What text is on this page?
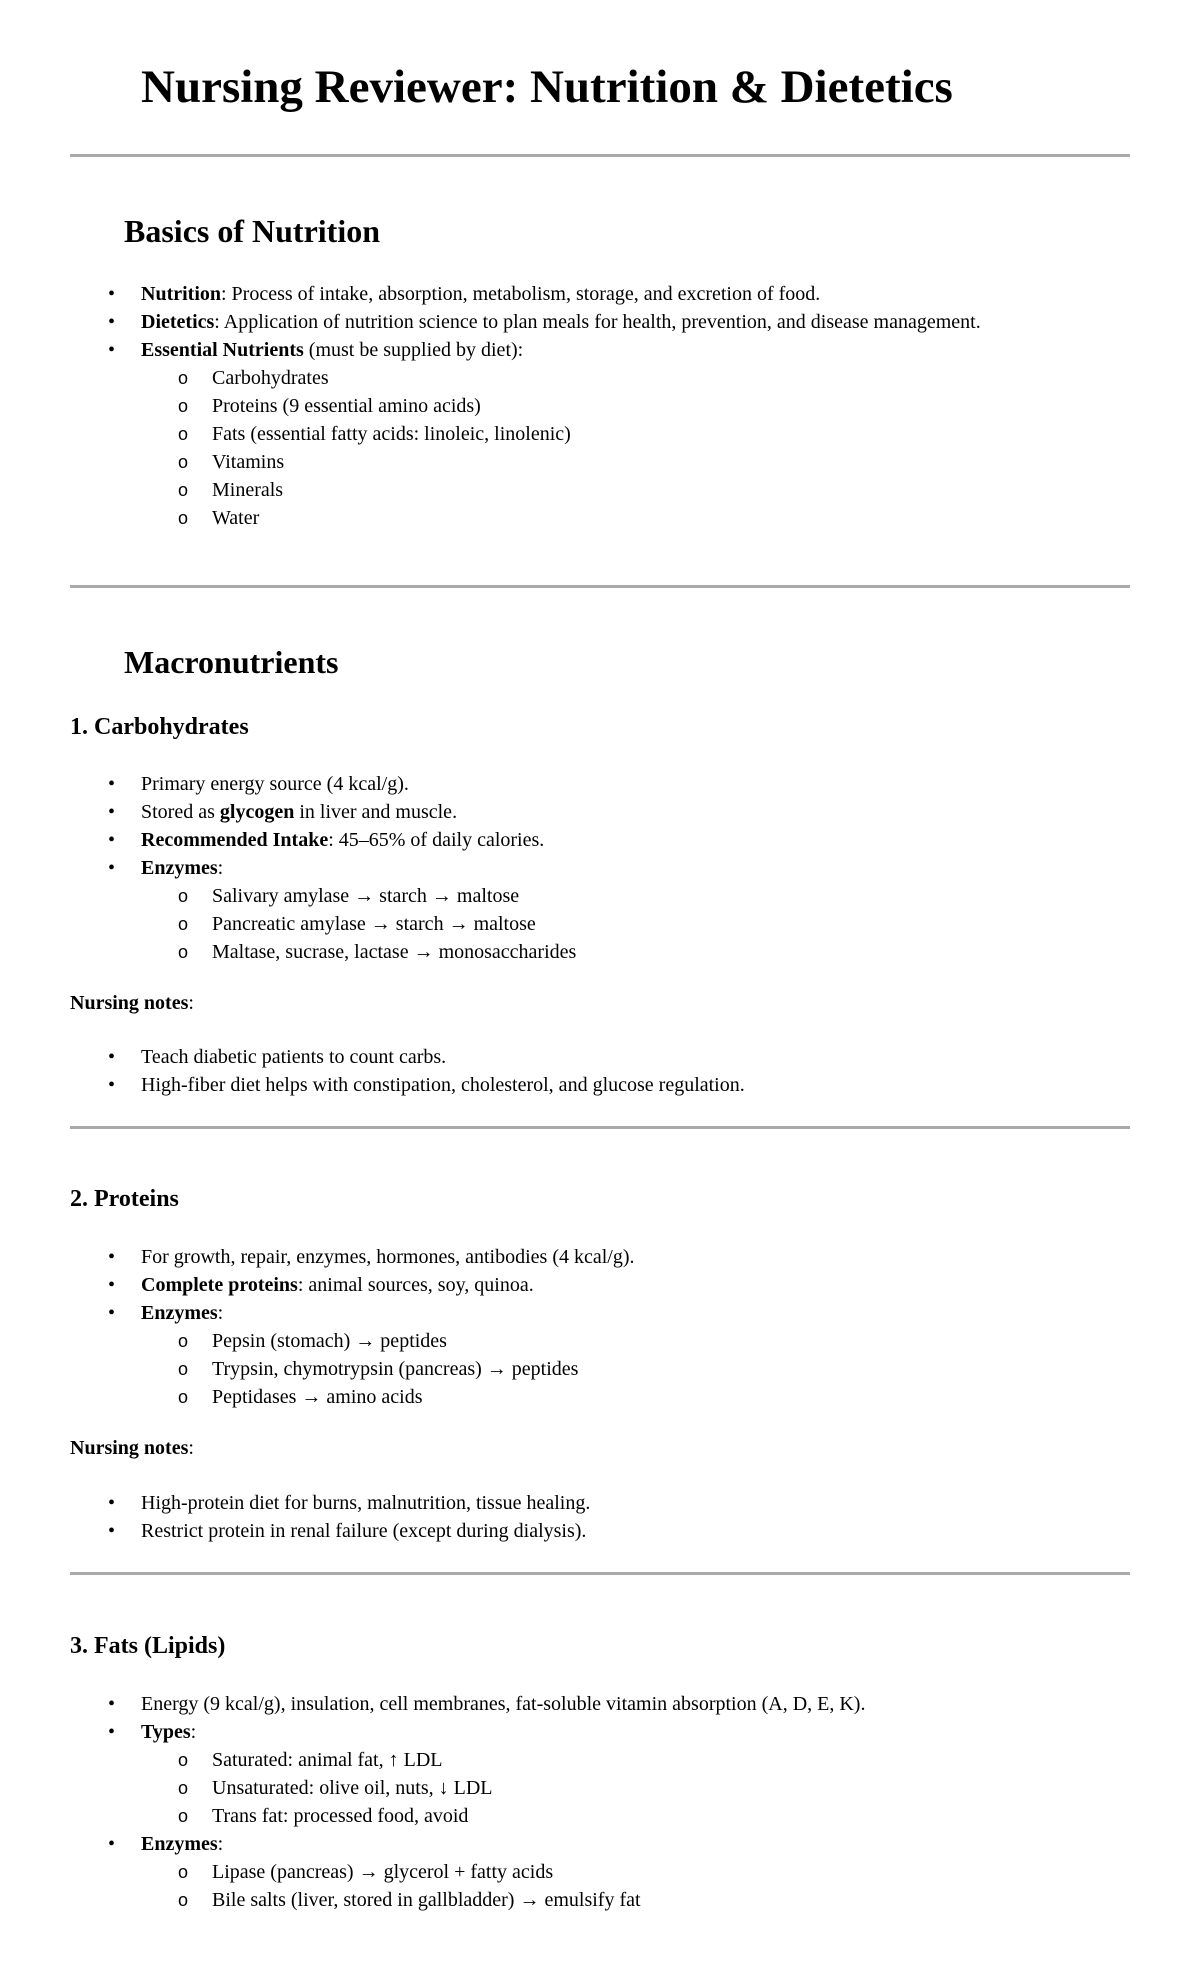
Nursing Reviewer: Nutrition & Dietetics
Basics of Nutrition
• Nutrition: Process of intake, absorption, metabolism, storage, and excretion of food.
• Dietetics: Application of nutrition science to plan meals for health, prevention, and disease management.
• Essential Nutrients (must be supplied by diet):
o Carbohydrates
o Proteins (9 essential amino acids)
o Fats (essential fatty acids: linoleic, linolenic)
o Vitamins
o Minerals
o Water
Macronutrients
1. Carbohydrates
• Primary energy source (4 kcal/g).
• Stored as glycogen in liver and muscle.
• Recommended Intake: 45–65% of daily calories.
• Enzymes:
o Salivary amylase → starch → maltose
o Pancreatic amylase → starch → maltose
o Maltase, sucrase, lactase → monosaccharides

Nursing notes:

• Teach diabetic patients to count carbs.
• High-fiber diet helps with constipation, cholesterol, and glucose regulation.
2. Proteins
• For growth, repair, enzymes, hormones, antibodies (4 kcal/g).
• Complete proteins: animal sources, soy, quinoa.
• Enzymes:
o Pepsin (stomach) → peptides
o Trypsin, chymotrypsin (pancreas) → peptides
o Peptidases → amino acids

Nursing notes:

• High-protein diet for burns, malnutrition, tissue healing.
• Restrict protein in renal failure (except during dialysis).
3. Fats (Lipids)
• Energy (9 kcal/g), insulation, cell membranes, fat-soluble vitamin absorption (A, D, E, K).
• Types:
o Saturated: animal fat, ↑ LDL
o Unsaturated: olive oil, nuts, ↓ LDL
o Trans fat: processed food, avoid
• Enzymes:
o Lipase (pancreas) → glycerol + fatty acids
o Bile salts (liver, stored in gallbladder) → emulsify fat
